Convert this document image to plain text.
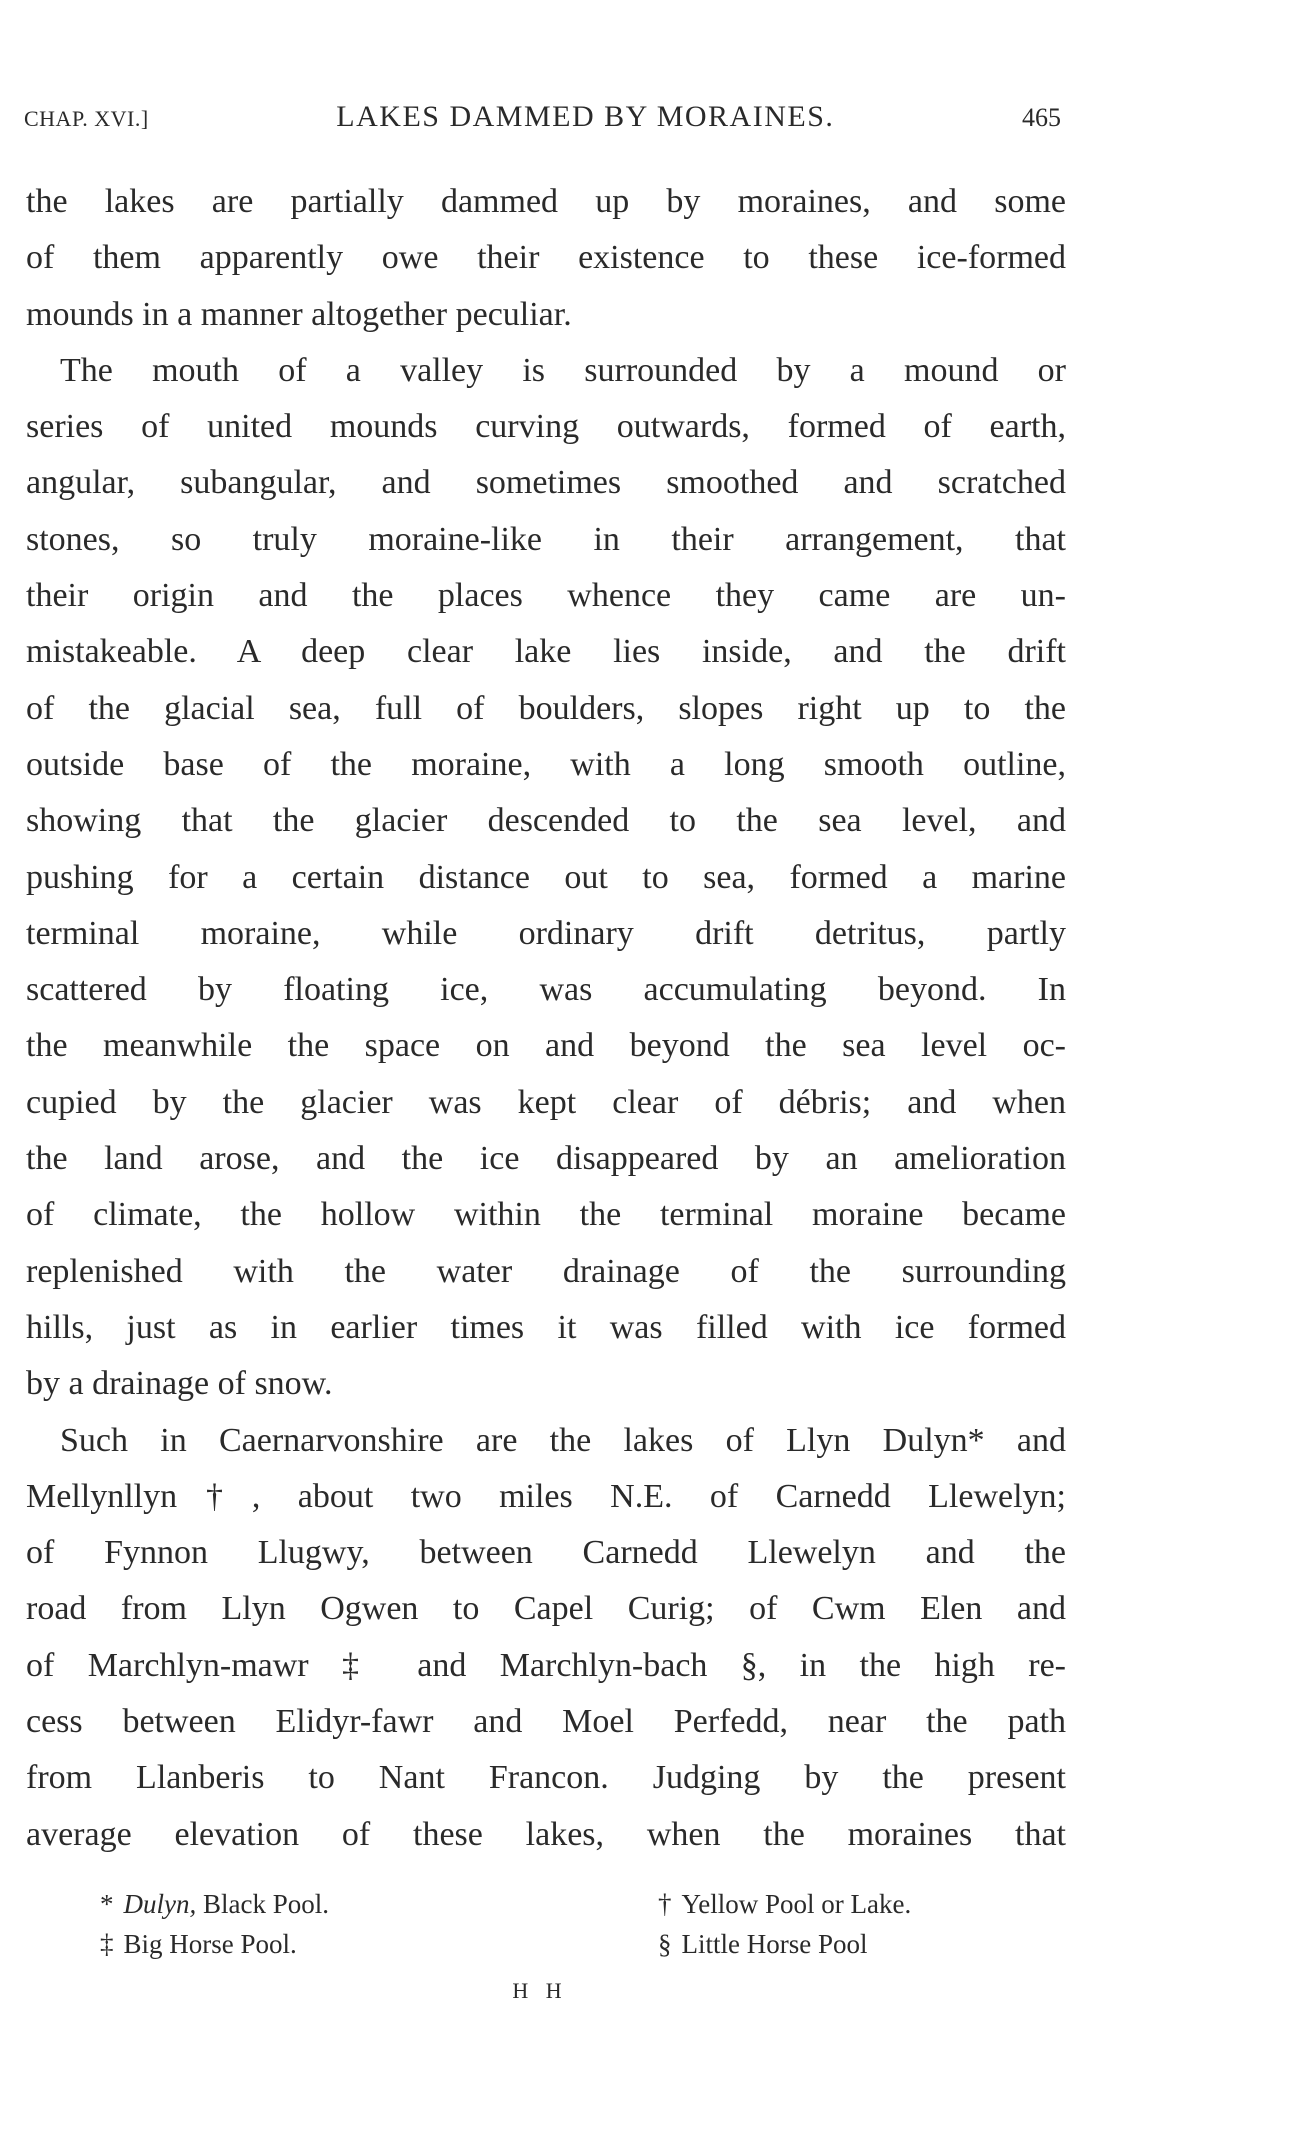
CHAP. XVI.]	LAKES DAMMED BY MORAINES.	465
the lakes are partially dammed up by moraines, and some
of them apparently owe their existence to these ice-formed
mounds in a manner altogether peculiar.
The mouth of a valley is surrounded by a mound or
series of united mounds curving outwards, formed of earth,
angular, subangular, and sometimes smoothed and scratched
stones, so truly moraine-like in their arrangement, that
their origin and the places whence they came are un-
mistakeable. A deep clear lake lies inside, and the drift
of the glacial sea, full of boulders, slopes right up to the
outside base of the moraine, with a long smooth outline,
showing that the glacier descended to the sea level, and
pushing for a certain distance out to sea, formed a marine
terminal moraine, while ordinary drift detritus, partly
scattered by floating ice, was accumulating beyond. In
the meanwhile the space on and beyond the sea level oc-
cupied by the glacier was kept clear of débris; and when
the land arose, and the ice disappeared by an amelioration
of climate, the hollow within the terminal moraine became
replenished with the water drainage of the surrounding
hills, just as in earlier times it was filled with ice formed
by a drainage of snow.
Such in Caernarvonshire are the lakes of Llyn Dulyn* and
Mellynllyn†, about two miles N.E. of Carnedd Llewelyn;
of Fynnon Llugwy, between Carnedd Llewelyn and the
road from Llyn Ogwen to Capel Curig; of Cwm Elen and
of Marchlyn-mawr ‡ and Marchlyn-bach §, in the high re-
cess between Elidyr-fawr and Moel Perfedd, near the path
from Llanberis to Nant Francon. Judging by the present
average elevation of these lakes, when the moraines that
* Dulyn, Black Pool.	† Yellow Pool or Lake.
‡ Big Horse Pool.	§ Little Horse Pool
H H
